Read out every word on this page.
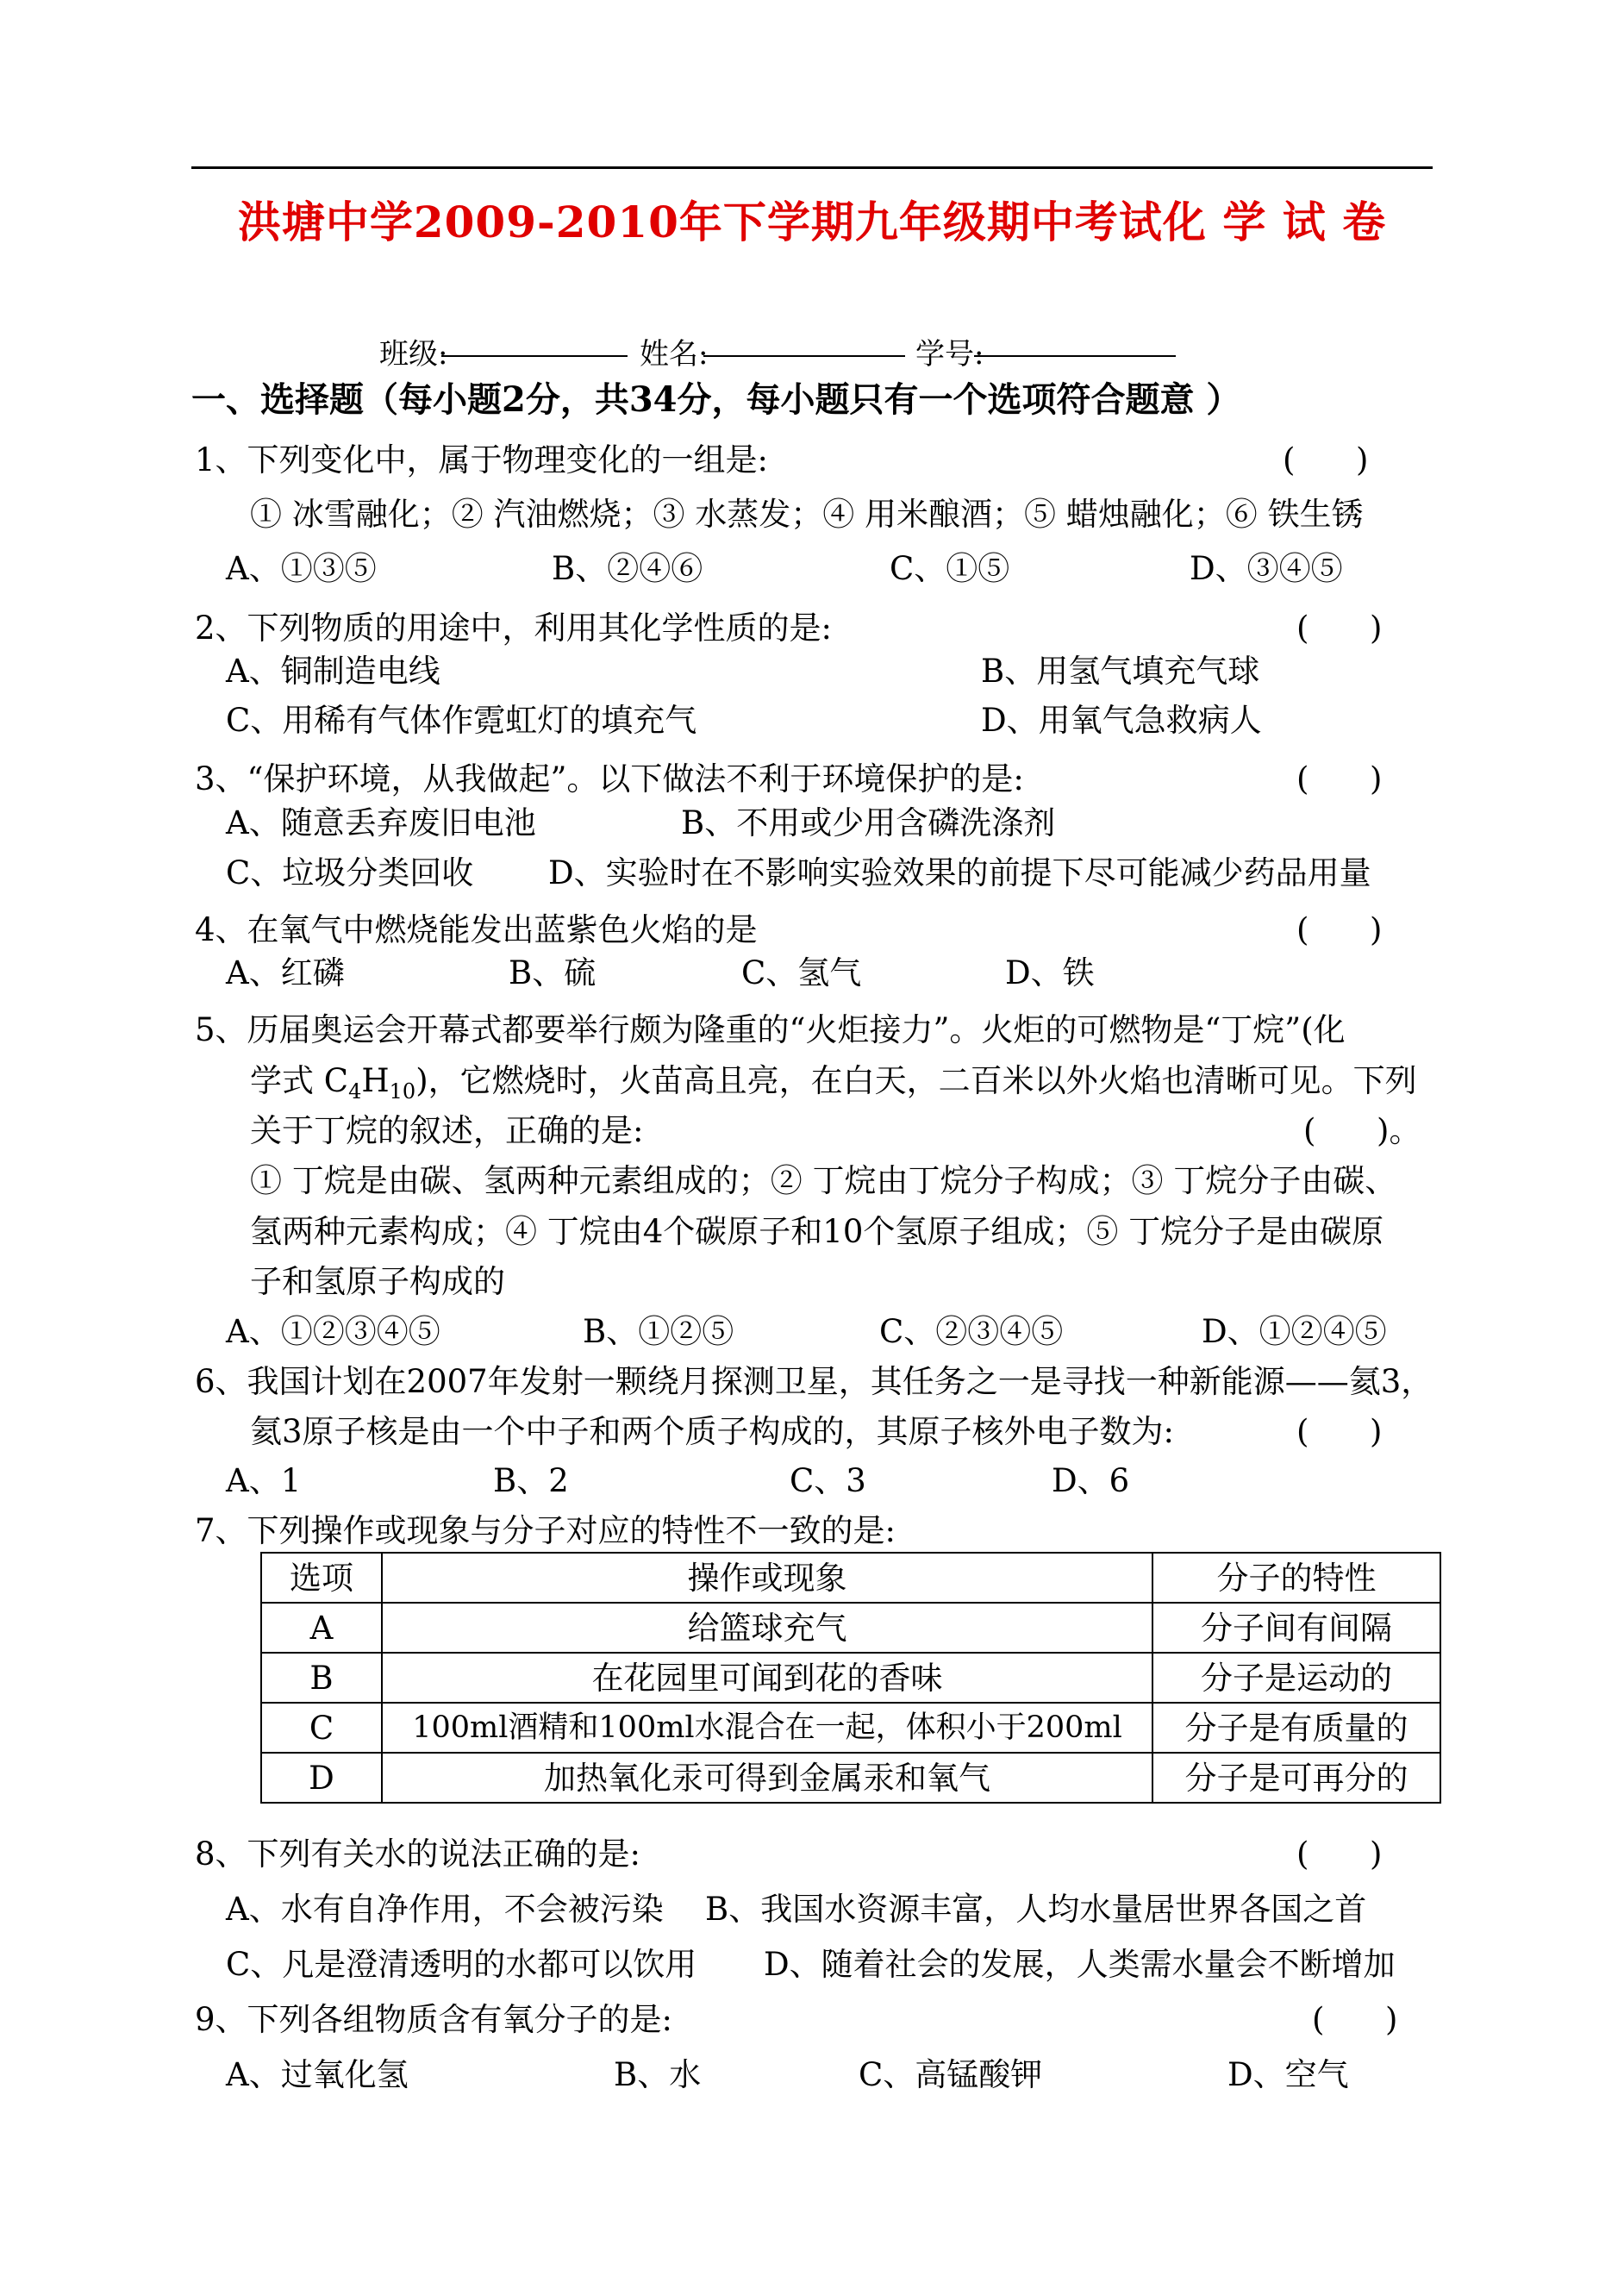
洪塘中学2009-2010年下学期九年级期中考试化 学 试 卷
班级:	姓名:	学号:
一、选择题（每小题2分，共34分，每小题只有一个选项符合题意 ）
1、下列变化中，属于物理变化的一组是:	(      )
① 冰雪融化；② 汽油燃烧；③ 水蒸发；④ 用米酿酒；⑤ 蜡烛融化；⑥ 铁生锈
A、①③⑤	B、②④⑥	C、①⑤	D、③④⑤
2、下列物质的用途中，利用其化学性质的是:	(      )
A、铜制造电线	B、用氢气填充气球
C、用稀有气体作霓虹灯的填充气	D、用氧气急救病人
3、“保护环境，从我做起”。以下做法不利于环境保护的是:	(      )
A、随意丢弃废旧电池	B、不用或少用含磷洗涤剂
C、垃圾分类回收 D、实验时在不影响实验效果的前提下尽可能减少药品用量
4、在氧气中燃烧能发出蓝紫色火焰的是	(      )
A、红磷	B、硫	C、氢气	D、铁
5、历届奥运会开幕式都要举行颇为隆重的“火炬接力”。火炬的可燃物是“丁烷”(化
学式 $C_4H_{10}$)，它燃烧时，火苗高且亮，在白天，二百米以外火焰也清晰可见。下列
关于丁烷的叙述，正确的是:	(      )。
① 丁烷是由碳、氢两种元素组成的；② 丁烷由丁烷分子构成；③ 丁烷分子由碳、
氢两种元素构成；④ 丁烷由4个碳原子和10个氢原子组成；⑤ 丁烷分子是由碳原
子和氢原子构成的
A、①②③④⑤	B、①②⑤	C、②③④⑤	D、①②④⑤
6、我国计划在2007年发射一颗绕月探测卫星，其任务之一是寻找一种新能源——氦3，
氦3原子核是由一个中子和两个质子构成的，其原子核外电子数为:	(      )
A、1	B、2	C、3	D、6
7、下列操作或现象与分子对应的特性不一致的是:
选项	操作或现象	分子的特性
A	给篮球充气	分子间有间隔
B	在花园里可闻到花的香味	分子是运动的
C	100ml酒精和100ml水混合在一起，体积小于200ml	分子是有质量的
D	加热氧化汞可得到金属汞和氧气	分子是可再分的
8、下列有关水的说法正确的是:	(      )
A、水有自净作用，不会被污染 B、我国水资源丰富，人均水量居世界各国之首
C、凡是澄清透明的水都可以饮用 D、随着社会的发展，人类需水量会不断增加
9、下列各组物质含有氧分子的是:	(      )
A、过氧化氢	B、水	C、高锰酸钾	D、空气
